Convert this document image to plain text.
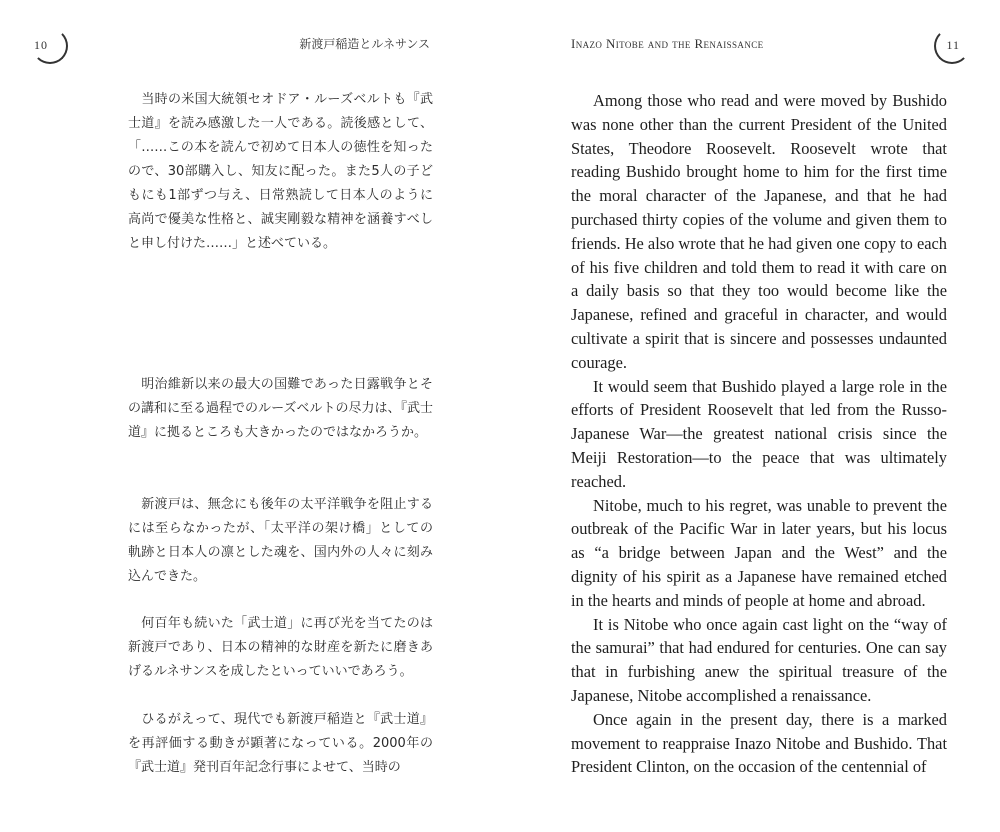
10	新渡戸稲造とルネサンス

当時の米国大統領セオドア・ルーズベルトも『武士道』を読み感激した一人である。読後感として、「……この本を読んで初めて日本人の徳性を知ったので、30部購入し、知友に配った。また5人の子どもにも1部ずつ与え、日常熟読して日本人のように高尚で優美な性格と、誠実剛毅な精神を涵養すべしと申し付けた……」と述べている。

明治維新以来の最大の国難であった日露戦争とその講和に至る過程でのルーズベルトの尽力は、『武士道』に拠るところも大きかったのではなかろうか。

新渡戸は、無念にも後年の太平洋戦争を阻止するには至らなかったが、「太平洋の架け橋」としての軌跡と日本人の凛とした魂を、国内外の人々に刻み込んできた。

何百年も続いた「武士道」に再び光を当てたのは新渡戸であり、日本の精神的な財産を新たに磨きあげるルネサンスを成したといっていいであろう。

ひるがえって、現代でも新渡戸稲造と『武士道』を再評価する動きが顕著になっている。2000年の『武士道』発刊百年記念行事によせて、当時の

11
Inazo Nitobe and the Renaissance

Among those who read and were moved by Bushido was none other than the current President of the United States, Theodore Roosevelt. Roosevelt wrote that reading Bushido brought home to him for the first time the moral character of the Japanese, and that he had purchased thirty copies of the volume and given them to friends. He also wrote that he had given one copy to each of his five children and told them to read it with care on a daily basis so that they too would become like the Japanese, refined and graceful in character, and would cultivate a spirit that is sincere and possesses undaunted courage.

It would seem that Bushido played a large role in the efforts of President Roosevelt that led from the Russo-Japanese War—the greatest national crisis since the Meiji Restoration—to the peace that was ultimately reached.

Nitobe, much to his regret, was unable to prevent the outbreak of the Pacific War in later years, but his locus as “a bridge between Japan and the West” and the dignity of his spirit as a Japanese have remained etched in the hearts and minds of people at home and abroad.

It is Nitobe who once again cast light on the “way of the samurai” that had endured for centuries. One can say that in furbishing anew the spiritual treasure of the Japanese, Nitobe accomplished a renaissance.

Once again in the present day, there is a marked movement to reappraise Inazo Nitobe and Bushido. That President Clinton, on the occasion of the centennial of
